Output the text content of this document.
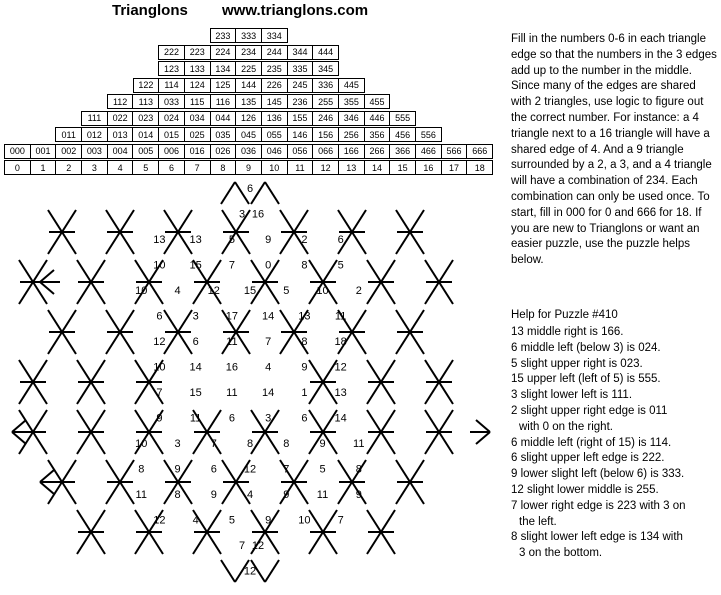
Trianglons www.trianglons.com
Fill in the numbers 0-6 in each triangle edge so that the numbers in the 3 edges add up to the number in the middle. Since many of the edges are shared with 2 triangles, use logic to figure out the correct number. For instance: a 4 triangle next to a 16 triangle will have a shared edge of 4. And a 9 triangle surrounded by a 2, a 3, and a 4 triangle will have a combination of 234. Each combination can only be used once. To start, fill in 000 for 0 and 666 for 18. If you are new to Trianglons or want an easier puzzle, use the puzzle helps below.
Help for Puzzle #410
13 middle right is 166.
6 middle left (below 3) is 024.
5 slight upper right is 023.
15 upper left (left of 5) is 555.
3 slight lower left is 111.
2 slight upper right edge is 011
with 0 on the right.
6 middle left (right of 15) is 114.
6 slight upper left edge is 222.
9 lower slight left (below 6) is 333.
12 slight lower middle is 255.
7 lower right edge is 223 with 3 on
the left.
8 slight lower left edge is 134 with
3 on the bottom.
6
3 16
13 13 5	9	2	6
10 15 7	0	8	5
10 4 12 15 5 10 2
6	3 17 14 13 11
12 6 11 7	8 18
10 14 16 4	9 12
7 15 11 14 1 13
9 11 6	3	6 14
10 3	7	8	8	9 11
8	9	6 12 7	5	8
11 8	9	4	9 11 9
12 4	5	9 10 7
7 12
12
233	333	334
222	223	224	234	244	344	444
123	133	134	225	235	335	345
122	114	124	125	144	226	245	336	445
112	113	033	115	116	135	145	236	255	355	455
111	022	023	024	034	044	126	136	155	246	346	446	555
011	012	013	014	015	025	035	045	055	146	156	256	356	456	556
000	001	002	003	004	005	006	016	026	036	046	056	066	166	266	366	466	566	666
0	1	2	3	4	5	6	7	8	9	10	11	12	13	14	15	16	17	18
